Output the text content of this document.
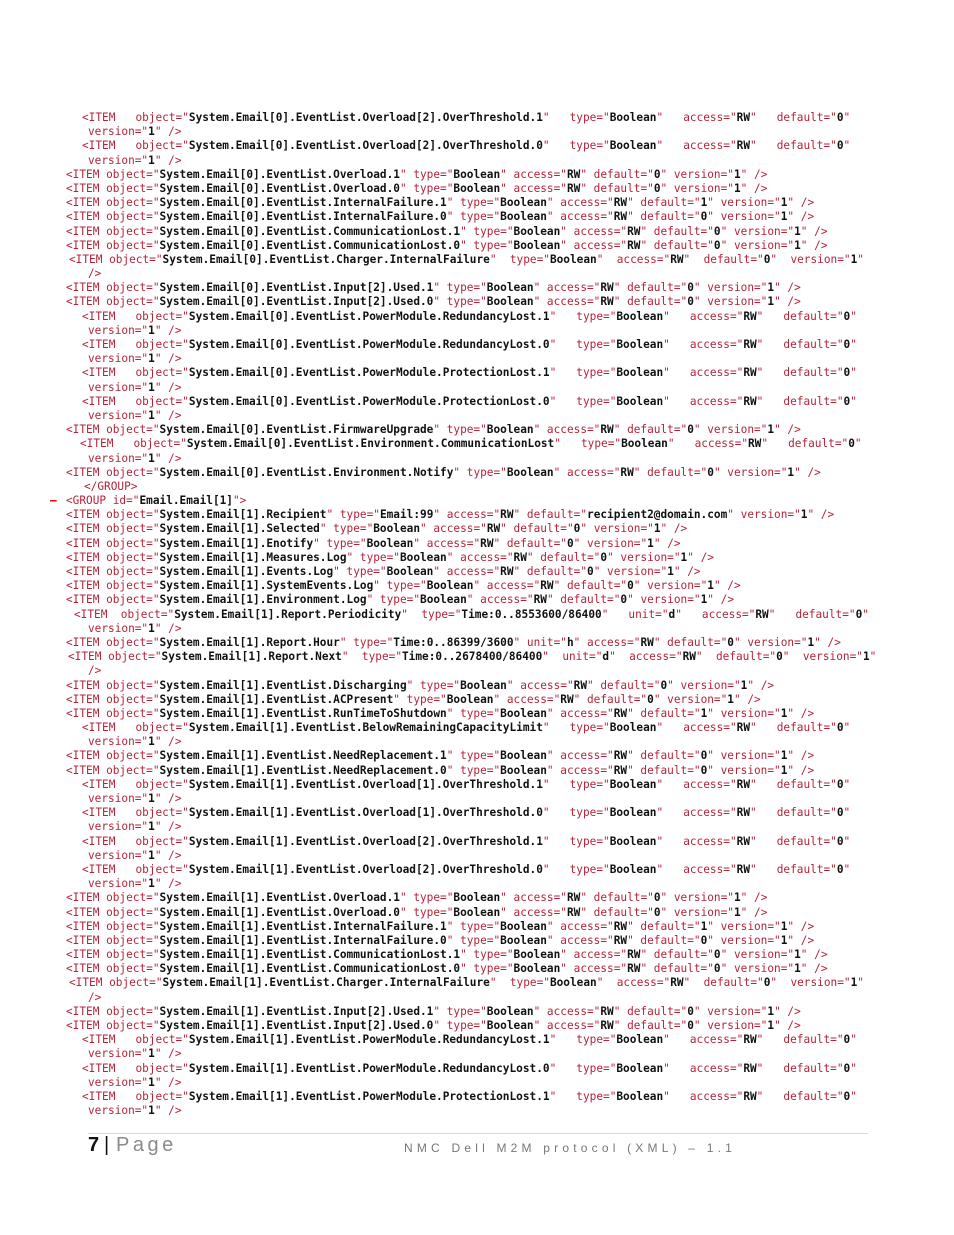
<ITEM object="System.Email[0].EventList.Overload[2].OverThreshold.1" type="Boolean" access="RW" default="0"
version="1" />
<ITEM object="System.Email[0].EventList.Overload[2].OverThreshold.0" type="Boolean" access="RW" default="0"
version="1" />
<ITEM object="System.Email[0].EventList.Overload.1" type="Boolean" access="RW" default="0" version="1" />
<ITEM object="System.Email[0].EventList.Overload.0" type="Boolean" access="RW" default="0" version="1" />
<ITEM object="System.Email[0].EventList.InternalFailure.1" type="Boolean" access="RW" default="1" version="1" />
<ITEM object="System.Email[0].EventList.InternalFailure.0" type="Boolean" access="RW" default="0" version="1" />
<ITEM object="System.Email[0].EventList.CommunicationLost.1" type="Boolean" access="RW" default="0" version="1" />
<ITEM object="System.Email[0].EventList.CommunicationLost.0" type="Boolean" access="RW" default="0" version="1" />
<ITEM object="System.Email[0].EventList.Charger.InternalFailure" type="Boolean" access="RW" default="0" version="1"
/>
<ITEM object="System.Email[0].EventList.Input[2].Used.1" type="Boolean" access="RW" default="0" version="1" />
<ITEM object="System.Email[0].EventList.Input[2].Used.0" type="Boolean" access="RW" default="0" version="1" />
<ITEM object="System.Email[0].EventList.PowerModule.RedundancyLost.1" type="Boolean" access="RW" default="0"
version="1" />
<ITEM object="System.Email[0].EventList.PowerModule.RedundancyLost.0" type="Boolean" access="RW" default="0"
version="1" />
<ITEM object="System.Email[0].EventList.PowerModule.ProtectionLost.1" type="Boolean" access="RW" default="0"
version="1" />
<ITEM object="System.Email[0].EventList.PowerModule.ProtectionLost.0" type="Boolean" access="RW" default="0"
version="1" />
<ITEM object="System.Email[0].EventList.FirmwareUpgrade" type="Boolean" access="RW" default="0" version="1" />
<ITEM object="System.Email[0].EventList.Environment.CommunicationLost" type="Boolean" access="RW" default="0"
version="1" />
<ITEM object="System.Email[0].EventList.Environment.Notify" type="Boolean" access="RW" default="0" version="1" />
</GROUP>
– <GROUP id="Email.Email[1]">
<ITEM object="System.Email[1].Recipient" type="Email:99" access="RW" default="recipient2@domain.com" version="1" />
<ITEM object="System.Email[1].Selected" type="Boolean" access="RW" default="0" version="1" />
<ITEM object="System.Email[1].Enotify" type="Boolean" access="RW" default="0" version="1" />
<ITEM object="System.Email[1].Measures.Log" type="Boolean" access="RW" default="0" version="1" />
<ITEM object="System.Email[1].Events.Log" type="Boolean" access="RW" default="0" version="1" />
<ITEM object="System.Email[1].SystemEvents.Log" type="Boolean" access="RW" default="0" version="1" />
<ITEM object="System.Email[1].Environment.Log" type="Boolean" access="RW" default="0" version="1" />
<ITEM object="System.Email[1].Report.Periodicity" type="Time:0..8553600/86400" unit="d" access="RW" default="0"
version="1" />
<ITEM object="System.Email[1].Report.Hour" type="Time:0..86399/3600" unit="h" access="RW" default="0" version="1" />
<ITEM object="System.Email[1].Report.Next" type="Time:0..2678400/86400" unit="d" access="RW" default="0" version="1"
/>
<ITEM object="System.Email[1].EventList.Discharging" type="Boolean" access="RW" default="0" version="1" />
<ITEM object="System.Email[1].EventList.ACPresent" type="Boolean" access="RW" default="0" version="1" />
<ITEM object="System.Email[1].EventList.RunTimeToShutdown" type="Boolean" access="RW" default="1" version="1" />
<ITEM object="System.Email[1].EventList.BelowRemainingCapacityLimit" type="Boolean" access="RW" default="0"
version="1" />
<ITEM object="System.Email[1].EventList.NeedReplacement.1" type="Boolean" access="RW" default="0" version="1" />
<ITEM object="System.Email[1].EventList.NeedReplacement.0" type="Boolean" access="RW" default="0" version="1" />
<ITEM object="System.Email[1].EventList.Overload[1].OverThreshold.1" type="Boolean" access="RW" default="0"
version="1" />
<ITEM object="System.Email[1].EventList.Overload[1].OverThreshold.0" type="Boolean" access="RW" default="0"
version="1" />
<ITEM object="System.Email[1].EventList.Overload[2].OverThreshold.1" type="Boolean" access="RW" default="0"
version="1" />
<ITEM object="System.Email[1].EventList.Overload[2].OverThreshold.0" type="Boolean" access="RW" default="0"
version="1" />
<ITEM object="System.Email[1].EventList.Overload.1" type="Boolean" access="RW" default="0" version="1" />
<ITEM object="System.Email[1].EventList.Overload.0" type="Boolean" access="RW" default="0" version="1" />
<ITEM object="System.Email[1].EventList.InternalFailure.1" type="Boolean" access="RW" default="1" version="1" />
<ITEM object="System.Email[1].EventList.InternalFailure.0" type="Boolean" access="RW" default="0" version="1" />
<ITEM object="System.Email[1].EventList.CommunicationLost.1" type="Boolean" access="RW" default="0" version="1" />
<ITEM object="System.Email[1].EventList.CommunicationLost.0" type="Boolean" access="RW" default="0" version="1" />
<ITEM object="System.Email[1].EventList.Charger.InternalFailure" type="Boolean" access="RW" default="0" version="1"
/>
<ITEM object="System.Email[1].EventList.Input[2].Used.1" type="Boolean" access="RW" default="0" version="1" />
<ITEM object="System.Email[1].EventList.Input[2].Used.0" type="Boolean" access="RW" default="0" version="1" />
<ITEM object="System.Email[1].EventList.PowerModule.RedundancyLost.1" type="Boolean" access="RW" default="0"
version="1" />
<ITEM object="System.Email[1].EventList.PowerModule.RedundancyLost.0" type="Boolean" access="RW" default="0"
version="1" />
<ITEM object="System.Email[1].EventList.PowerModule.ProtectionLost.1" type="Boolean" access="RW" default="0"
version="1" />
7 | Page	NMC Dell M2M protocol (XML) – 1.1
